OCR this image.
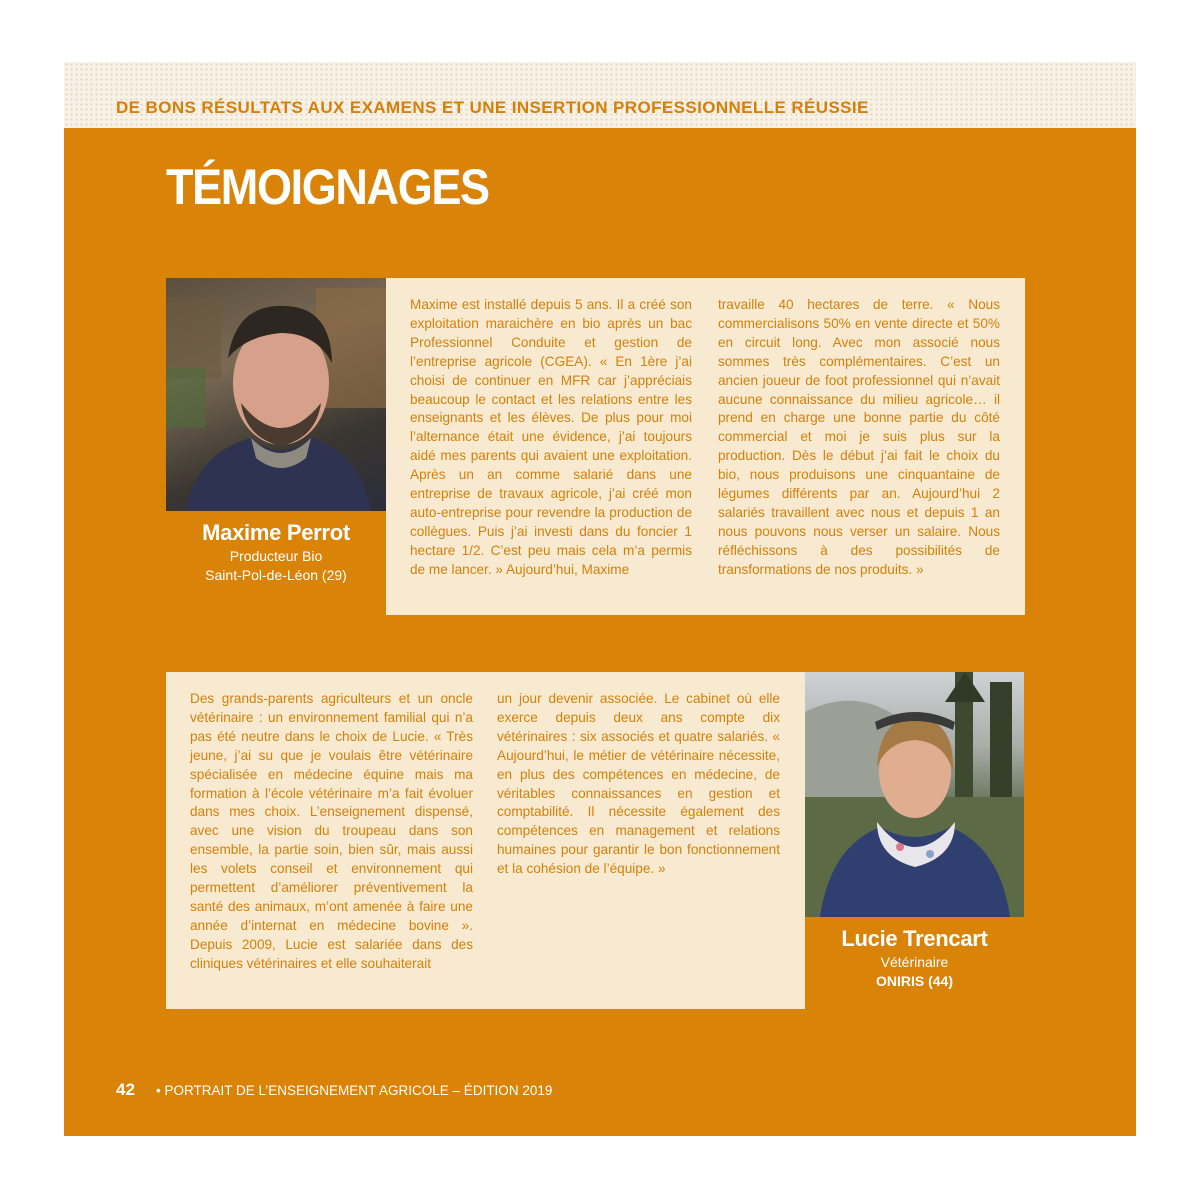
DE BONS RÉSULTATS AUX EXAMENS ET UNE INSERTION PROFESSIONNELLE RÉUSSIE
TÉMOIGNAGES

Maxime Perrot

Producteur Bio

Saint-Pol-de-Léon (29)

Maxime est installé depuis 5 ans. Il a créé son exploitation maraichère en bio après un bac Professionnel Conduite et gestion de l’entreprise agricole (CGEA). « En 1ère j’ai choisi de continuer en MFR car j’appréciais beaucoup le contact et les relations entre les enseignants et les élèves. De plus pour moi l’alternance était une évidence, j’ai toujours aidé mes parents qui avaient une exploitation. Après un an comme salarié dans une entreprise de travaux agricole, j’ai créé mon auto-entreprise pour revendre la production de collègues. Puis j’ai investi dans du foncier 1 hectare 1/2. C’est peu mais cela m’a permis de me lancer. » Aujourd’hui, Maxime

travaille 40 hectares de terre. « Nous commercialisons 50% en vente directe et 50% en circuit long. Avec mon associé nous sommes très complémentaires. C’est un ancien joueur de foot professionnel qui n’avait aucune connaissance du milieu agricole… il prend en charge une bonne partie du côté commercial et moi je suis plus sur la production. Dès le début j’ai fait le choix du bio, nous produisons une cinquantaine de légumes différents par an. Aujourd’hui 2 salariés travaillent avec nous et depuis 1 an nous pouvons nous verser un salaire. Nous réfléchissons à des possibilités de transformations de nos produits. »

Des grands-parents agriculteurs et un oncle vétérinaire : un environnement familial qui n’a pas été neutre dans le choix de Lucie. « Très jeune, j’ai su que je voulais être vétérinaire spécialisée en médecine équine mais ma formation à l’école vétérinaire m’a fait évoluer dans mes choix. L’enseignement dispensé, avec une vision du troupeau dans son ensemble, la partie soin, bien sûr, mais aussi les volets conseil et environnement qui permettent d’améliorer préventivement la santé des animaux, m’ont amenée à faire une année d’internat en médecine bovine ». Depuis 2009, Lucie est salariée dans des cliniques vétérinaires et elle souhaiterait

un jour devenir associée. Le cabinet où elle exerce depuis deux ans compte dix vétérinaires : six associés et quatre salariés. « Aujourd’hui, le métier de vétérinaire nécessite, en plus des compétences en médecine, de véritables connaissances en gestion et comptabilité. Il nécessite également des compétences en management et relations humaines pour garantir le bon fonctionnement et la cohésion de l’équipe. »

Lucie Trencart

Vétérinaire

ONIRIS (44)

42 • PORTRAIT DE L’ENSEIGNEMENT AGRICOLE – ÉDITION 2019
